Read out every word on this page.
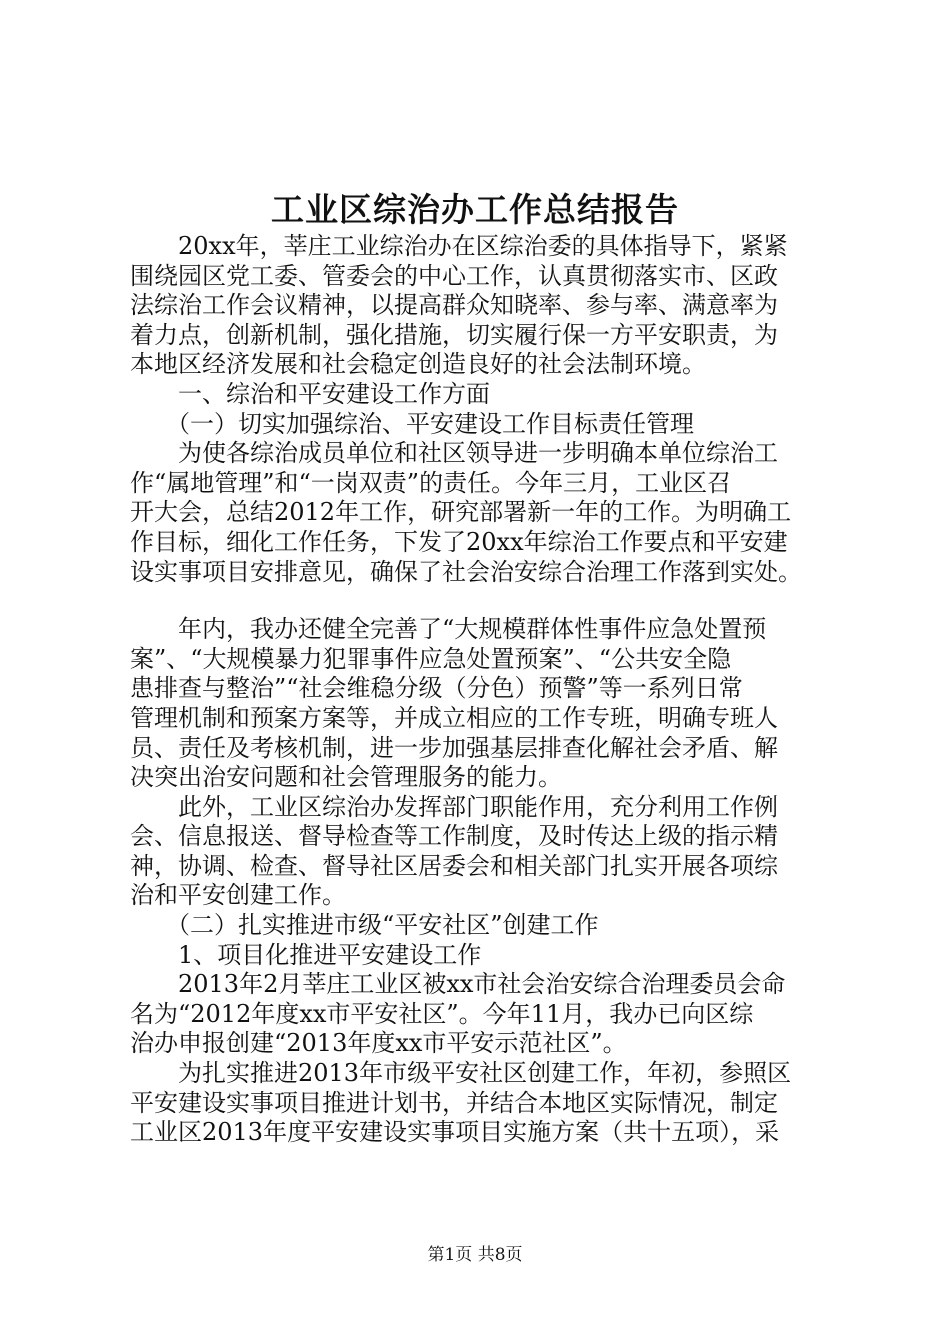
工业区综治办工作总结报告

　　20xx年，莘庄工业综治办在区综治委的具体指导下，紧紧

围绕园区党工委、管委会的中心工作，认真贯彻落实市、区政

法综治工作会议精神，以提高群众知晓率、参与率、满意率为

着力点，创新机制，强化措施，切实履行保一方平安职责，为

本地区经济发展和社会稳定创造良好的社会法制环境。

　　一、综治和平安建设工作方面

　　（一）切实加强综治、平安建设工作目标责任管理

　　为使各综治成员单位和社区领导进一步明确本单位综治工

作“属地管理”和“一岗双责”的责任。今年三月，工业区召

开大会，总结2012年工作，研究部署新一年的工作。为明确工

作目标，细化工作任务，下发了20xx年综治工作要点和平安建

设实事项目安排意见，确保了社会治安综合治理工作落到实处。

　　年内，我办还健全完善了“大规模群体性事件应急处置预

案”、“大规模暴力犯罪事件应急处置预案”、“公共安全隐

患排查与整治”“社会维稳分级（分色）预警”等一系列日常

管理机制和预案方案等，并成立相应的工作专班，明确专班人

员、责任及考核机制，进一步加强基层排查化解社会矛盾、解

决突出治安问题和社会管理服务的能力。

　　此外，工业区综治办发挥部门职能作用，充分利用工作例

会、信息报送、督导检查等工作制度，及时传达上级的指示精

神，协调、检查、督导社区居委会和相关部门扎实开展各项综

治和平安创建工作。

　　（二）扎实推进市级“平安社区”创建工作

　　1、项目化推进平安建设工作

　　2013年2月莘庄工业区被xx市社会治安综合治理委员会命

名为“2012年度xx市平安社区”。今年11月，我办已向区综

治办申报创建“2013年度xx市平安示范社区”。

　　为扎实推进2013年市级平安社区创建工作，年初，参照区

平安建设实事项目推进计划书，并结合本地区实际情况，制定

工业区2013年度平安建设实事项目实施方案（共十五项），采

第1页 共8页
